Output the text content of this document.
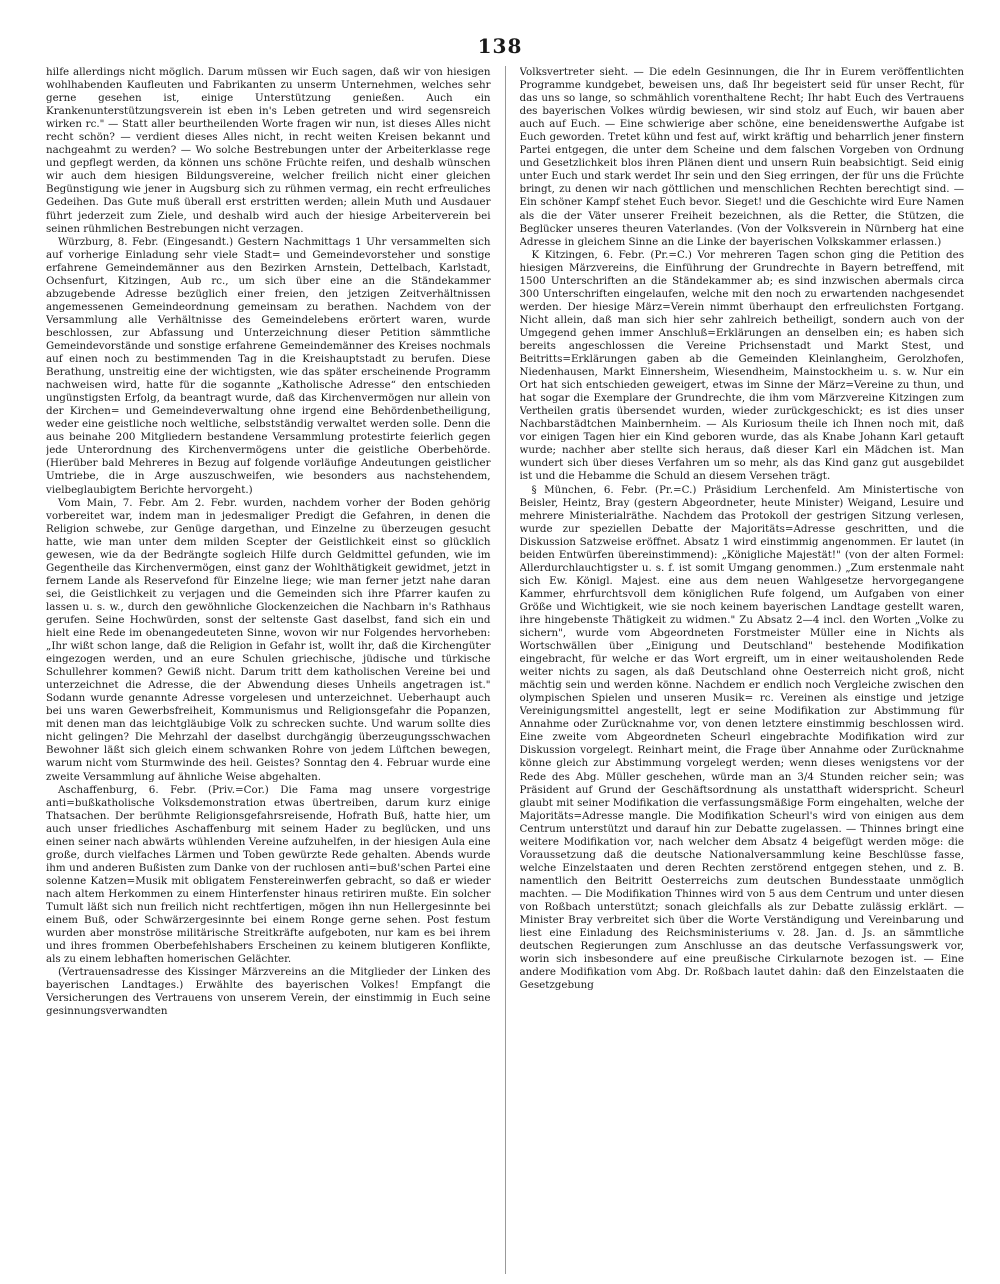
138

hilfe allerdings nicht möglich. Darum müssen wir Euch sagen, daß wir von hiesigen wohlhabenden Kaufleuten und Fabrikanten zu unserm Unternehmen, welches sehr gerne gesehen ist, einige Unterstützung genießen. Auch ein Krankenunterstützungsverein ist eben in's Leben getreten und wird segensreich wirken rc." — Statt aller beurtheilenden Worte fragen wir nun, ist dieses Alles nicht recht schön? — verdient dieses Alles nicht, in recht weiten Kreisen bekannt und nachgeahmt zu werden? — Wo solche Bestrebungen unter der Arbeiterklasse rege und gepflegt werden, da können uns schöne Früchte reifen, und deshalb wünschen wir auch dem hiesigen Bildungsvereine, welcher freilich nicht einer gleichen Begünstigung wie jener in Augsburg sich zu rühmen vermag, ein recht erfreuliches Gedeihen. Das Gute muß überall erst erstritten werden; allein Muth und Ausdauer führt jederzeit zum Ziele, und deshalb wird auch der hiesige Arbeiterverein bei seinen rühmlichen Bestrebungen nicht verzagen.

Würzburg, 8. Febr. (Eingesandt.) Gestern Nachmittags 1 Uhr versammelten sich auf vorherige Einladung sehr viele Stadt= und Gemeindevorsteher und sonstige erfahrene Gemeindemänner aus den Bezirken Arnstein, Dettelbach, Karlstadt, Ochsenfurt, Kitzingen, Aub rc., um sich über eine an die Ständekammer abzugebende Adresse bezüglich einer freien, den jetzigen Zeitverhältnissen angemessenen Gemeindeordnung gemeinsam zu berathen. Nachdem von der Versammlung alle Verhältnisse des Gemeindelebens erörtert waren, wurde beschlossen, zur Abfassung und Unterzeichnung dieser Petition sämmtliche Gemeindevorstände und sonstige erfahrene Gemeindemänner des Kreises nochmals auf einen noch zu bestimmenden Tag in die Kreishauptstadt zu berufen. Diese Berathung, unstreitig eine der wichtigsten, wie das später erscheinende Programm nachweisen wird, hatte für die sogannte „Katholische Adresse“ den entschieden ungünstigsten Erfolg, da beantragt wurde, daß das Kirchenvermögen nur allein von der Kirchen= und Gemeindeverwaltung ohne irgend eine Behördenbetheiligung, weder eine geistliche noch weltliche, selbstständig verwaltet werden solle. Denn die aus beinahe 200 Mitgliedern bestandene Versammlung protestirte feierlich gegen jede Unterordnung des Kirchenvermögens unter die geistliche Oberbehörde. (Hierüber bald Mehreres in Bezug auf folgende vorläufige Andeutungen geistlicher Umtriebe, die in Arge auszuschweifen, wie besonders aus nachstehendem, vielbeglaubigtem Berichte hervorgeht.)

Vom Main, 7. Febr. Am 2. Febr. wurden, nachdem vorher der Boden gehörig vorbereitet war, indem man in jedesmaliger Predigt die Gefahren, in denen die Religion schwebe, zur Genüge dargethan, und Einzelne zu überzeugen gesucht hatte, wie man unter dem milden Scepter der Geistlichkeit einst so glücklich gewesen, wie da der Bedrängte sogleich Hilfe durch Geldmittel gefunden, wie im Gegentheile das Kirchenvermögen, einst ganz der Wohlthätigkeit gewidmet, jetzt in fernem Lande als Reservefond für Einzelne liege; wie man ferner jetzt nahe daran sei, die Geistlichkeit zu verjagen und die Gemeinden sich ihre Pfarrer kaufen zu lassen u. s. w., durch den gewöhnliche Glockenzeichen die Nachbarn in's Rathhaus gerufen. Seine Hochwürden, sonst der seltenste Gast daselbst, fand sich ein und hielt eine Rede im obenangedeuteten Sinne, wovon wir nur Folgendes hervorheben: „Ihr wißt schon lange, daß die Religion in Gefahr ist, wollt ihr, daß die Kirchengüter eingezogen werden, und an eure Schulen griechische, jüdische und türkische Schullehrer kommen? Gewiß nicht. Darum tritt dem katholischen Vereine bei und unterzeichnet die Adresse, die der Abwendung dieses Unheils angetragen ist." Sodann wurde genannte Adresse vorgelesen und unterzeichnet. Ueberhaupt auch bei uns waren Gewerbsfreiheit, Kommunismus und Religionsgefahr die Popanzen, mit denen man das leichtgläubige Volk zu schrecken suchte. Und warum sollte dies nicht gelingen? Die Mehrzahl der daselbst durchgängig überzeugungsschwachen Bewohner läßt sich gleich einem schwanken Rohre von jedem Lüftchen bewegen, warum nicht vom Sturmwinde des heil. Geistes? Sonntag den 4. Februar wurde eine zweite Versammlung auf ähnliche Weise abgehalten.

Aschaffenburg, 6. Febr. (Priv.=Cor.) Die Fama mag unsere vorgestrige anti=bußkatholische Volksdemonstration etwas übertreiben, darum kurz einige Thatsachen. Der berühmte Religionsgefahrsreisende, Hofrath Buß, hatte hier, um auch unser friedliches Aschaffenburg mit seinem Hader zu beglücken, und uns einen seiner nach abwärts wühlenden Vereine aufzuhelfen, in der hiesigen Aula eine große, durch vielfaches Lärmen und Toben gewürzte Rede gehalten. Abends wurde ihm und anderen Bußisten zum Danke von der ruchlosen anti=buß'schen Partei eine solenne Katzen=Musik mit obligatem Fenstereinwerfen gebracht, so daß er wieder nach altem Herkommen zu einem Hinterfenster hinaus retiriren mußte. Ein solcher Tumult läßt sich nun freilich nicht rechtfertigen, mögen ihn nun Hellergesinnte bei einem Buß, oder Schwärzergesinnte bei einem Ronge gerne sehen. Post festum wurden aber monströse militärische Streitkräfte aufgeboten, nur kam es bei ihrem und ihres frommen Oberbefehlshabers Erscheinen zu keinem blutigeren Konflikte, als zu einem lebhaften homerischen Gelächter.

(Vertrauensadresse des Kissinger Märzvereins an die Mitglieder der Linken des bayerischen Landtages.) Erwählte des bayerischen Volkes! Empfangt die Versicherungen des Vertrauens von unserem Verein, der einstimmig in Euch seine gesinnungsverwandten

Volksvertreter sieht. — Die edeln Gesinnungen, die Ihr in Eurem veröffentlichten Programme kundgebet, beweisen uns, daß Ihr begeistert seid für unser Recht, für das uns so lange, so schmählich vorenthaltene Recht; Ihr habt Euch des Vertrauens des bayerischen Volkes würdig bewiesen, wir sind stolz auf Euch, wir bauen aber auch auf Euch. — Eine schwierige aber schöne, eine beneidenswerthe Aufgabe ist Euch geworden. Tretet kühn und fest auf, wirkt kräftig und beharrlich jener finstern Partei entgegen, die unter dem Scheine und dem falschen Vorgeben von Ordnung und Gesetzlichkeit blos ihren Plänen dient und unsern Ruin beabsichtigt. Seid einig unter Euch und stark werdet Ihr sein und den Sieg erringen, der für uns die Früchte bringt, zu denen wir nach göttlichen und menschlichen Rechten berechtigt sind. — Ein schöner Kampf stehet Euch bevor. Sieget! und die Geschichte wird Eure Namen als die der Väter unserer Freiheit bezeichnen, als die Retter, die Stützen, die Beglücker unseres theuren Vaterlandes. (Von der Volksverein in Nürnberg hat eine Adresse in gleichem Sinne an die Linke der bayerischen Volkskammer erlassen.)

K Kitzingen, 6. Febr. (Pr.=C.) Vor mehreren Tagen schon ging die Petition des hiesigen Märzvereins, die Einführung der Grundrechte in Bayern betreffend, mit 1500 Unterschriften an die Ständekammer ab; es sind inzwischen abermals circa 300 Unterschriften eingelaufen, welche mit den noch zu erwartenden nachgesendet werden. Der hiesige März=Verein nimmt überhaupt den erfreulichsten Fortgang. Nicht allein, daß man sich hier sehr zahlreich betheiligt, sondern auch von der Umgegend gehen immer Anschluß=Erklärungen an denselben ein; es haben sich bereits angeschlossen die Vereine Prichsenstadt und Markt Stest, und Beitritts=Erklärungen gaben ab die Gemeinden Kleinlangheim, Gerolzhofen, Niedenhausen, Markt Einnersheim, Wiesendheim, Mainstockheim u. s. w. Nur ein Ort hat sich entschieden geweigert, etwas im Sinne der März=Vereine zu thun, und hat sogar die Exemplare der Grundrechte, die ihm vom Märzvereine Kitzingen zum Vertheilen gratis übersendet wurden, wieder zurückgeschickt; es ist dies unser Nachbarstädtchen Mainbernheim. — Als Kuriosum theile ich Ihnen noch mit, daß vor einigen Tagen hier ein Kind geboren wurde, das als Knabe Johann Karl getauft wurde; nachher aber stellte sich heraus, daß dieser Karl ein Mädchen ist. Man wundert sich über dieses Verfahren um so mehr, als das Kind ganz gut ausgebildet ist und die Hebamme die Schuld an diesem Versehen trägt.

§ München, 6. Febr. (Pr.=C.) Präsidium Lerchenfeld. Am Ministertische von Beisler, Heintz, Bray (gestern Abgeordneter, heute Minister) Weigand, Lesuire und mehrere Ministerialräthe. Nachdem das Protokoll der gestrigen Sitzung verlesen, wurde zur speziellen Debatte der Majoritäts=Adresse geschritten, und die Diskussion Satzweise eröffnet. Absatz 1 wird einstimmig angenommen. Er lautet (in beiden Entwürfen übereinstimmend): „Königliche Majestät!" (von der alten Formel: Allerdurchlauchtigster u. s. f. ist somit Umgang genommen.) „Zum erstenmale naht sich Ew. Königl. Majest. eine aus dem neuen Wahlgesetze hervorgegangene Kammer, ehrfurchtsvoll dem königlichen Rufe folgend, um Aufgaben von einer Größe und Wichtigkeit, wie sie noch keinem bayerischen Landtage gestellt waren, ihre hingebenste Thätigkeit zu widmen." Zu Absatz 2—4 incl. den Worten „Volke zu sichern", wurde vom Abgeordneten Forstmeister Müller eine in Nichts als Wortschwällen über „Einigung und Deutschland" bestehende Modifikation eingebracht, für welche er das Wort ergreift, um in einer weitausholenden Rede weiter nichts zu sagen, als daß Deutschland ohne Oesterreich nicht groß, nicht mächtig sein und werden könne. Nachdem er endlich noch Vergleiche zwischen den olympischen Spielen und unseren Musik= rc. Vereinen als einstige und jetzige Vereinigungsmittel angestellt, legt er seine Modifikation zur Abstimmung für Annahme oder Zurücknahme vor, von denen letztere einstimmig beschlossen wird. Eine zweite vom Abgeordneten Scheurl eingebrachte Modifikation wird zur Diskussion vorgelegt. Reinhart meint, die Frage über Annahme oder Zurücknahme könne gleich zur Abstimmung vorgelegt werden; wenn dieses wenigstens vor der Rede des Abg. Müller geschehen, würde man an 3/4 Stunden reicher sein; was Präsident auf Grund der Geschäftsordnung als unstatthaft widerspricht. Scheurl glaubt mit seiner Modifikation die verfassungsmäßige Form eingehalten, welche der Majoritäts=Adresse mangle. Die Modifikation Scheurl's wird von einigen aus dem Centrum unterstützt und darauf hin zur Debatte zugelassen. — Thinnes bringt eine weitere Modifikation vor, nach welcher dem Absatz 4 beigefügt werden möge: die Voraussetzung daß die deutsche Nationalversammlung keine Beschlüsse fasse, welche Einzelstaaten und deren Rechten zerstörend entgegen stehen, und z. B. namentlich den Beitritt Oesterreichs zum deutschen Bundesstaate unmöglich machten. — Die Modifikation Thinnes wird von 5 aus dem Centrum und unter diesen von Roßbach unterstützt; sonach gleichfalls als zur Debatte zulässig erklärt. — Minister Bray verbreitet sich über die Worte Verständigung und Vereinbarung und liest eine Einladung des Reichsministeriums v. 28. Jan. d. Js. an sämmtliche deutschen Regierungen zum Anschlusse an das deutsche Verfassungswerk vor, worin sich insbesondere auf eine preußische Cirkularnote bezogen ist. — Eine andere Modifikation vom Abg. Dr. Roßbach lautet dahin: daß den Einzelstaaten die Gesetzgebung
